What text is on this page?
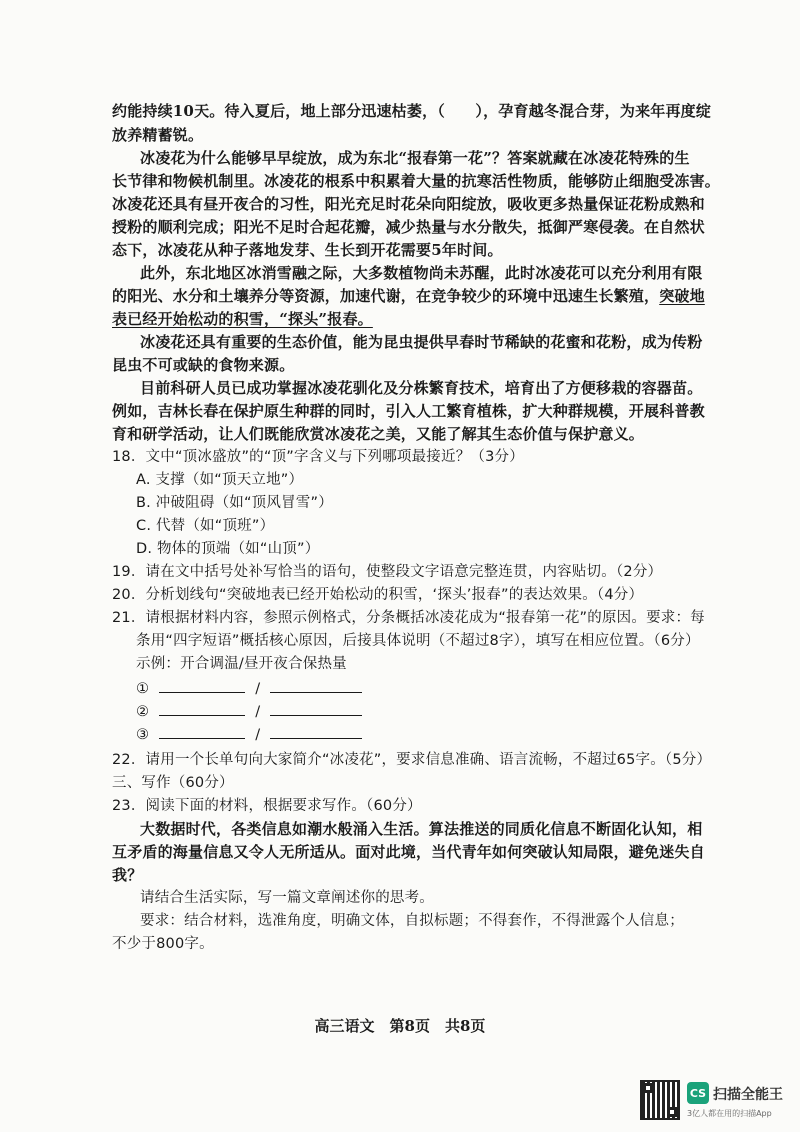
约能持续10天。待入夏后，地上部分迅速枯萎，（　　），孕育越冬混合芽，为来年再度绽
放养精蓄锐。
冰凌花为什么能够早早绽放，成为东北“报春第一花”？答案就藏在冰凌花特殊的生
长节律和物候机制里。冰凌花的根系中积累着大量的抗寒活性物质，能够防止细胞受冻害。
冰凌花还具有昼开夜合的习性，阳光充足时花朵向阳绽放，吸收更多热量保证花粉成熟和
授粉的顺利完成；阳光不足时合起花瓣，减少热量与水分散失，抵御严寒侵袭。在自然状
态下，冰凌花从种子落地发芽、生长到开花需要5年时间。
此外，东北地区冰消雪融之际，大多数植物尚未苏醒，此时冰凌花可以充分利用有限
的阳光、水分和土壤养分等资源，加速代谢，在竞争较少的环境中迅速生长繁殖，突破地
表已经开始松动的积雪，“探头”报春。
冰凌花还具有重要的生态价值，能为昆虫提供早春时节稀缺的花蜜和花粉，成为传粉
昆虫不可或缺的食物来源。
目前科研人员已成功掌握冰凌花驯化及分株繁育技术，培育出了方便移栽的容器苗。
例如，吉林长春在保护原生种群的同时，引入人工繁育植株，扩大种群规模，开展科普教
育和研学活动，让人们既能欣赏冰凌花之美，又能了解其生态价值与保护意义。
18．文中“顶冰盛放”的“顶”字含义与下列哪项最接近？（3分）
A. 支撑（如“顶天立地”）
B. 冲破阻碍（如“顶风冒雪”）
C. 代替（如“顶班”）
D. 物体的顶端（如“山顶”）
19．请在文中括号处补写恰当的语句，使整段文字语意完整连贯，内容贴切。（2分）
20．分析划线句“突破地表已经开始松动的积雪，‘探头’报春”的表达效果。（4分）
21．请根据材料内容，参照示例格式，分条概括冰凌花成为“报春第一花”的原因。要求：每
条用“四字短语”概括核心原因，后接具体说明（不超过8字），填写在相应位置。（6分）
示例：开合调温/昼开夜合保热量
①	/
②	/
③	/
22．请用一个长单句向大家简介“冰凌花”，要求信息准确、语言流畅，不超过65字。（5分）
三、写作（60分）
23．阅读下面的材料，根据要求写作。（60分）
大数据时代，各类信息如潮水般涌入生活。算法推送的同质化信息不断固化认知，相
互矛盾的海量信息又令人无所适从。面对此境，当代青年如何突破认知局限，避免迷失自
我？
请结合生活实际，写一篇文章阐述你的思考。
要求：结合材料，选准角度，明确文体，自拟标题；不得套作，不得泄露个人信息；
不少于800字。
高三语文　第8页　共8页
CS 扫描全能王
3亿人都在用的扫描App
